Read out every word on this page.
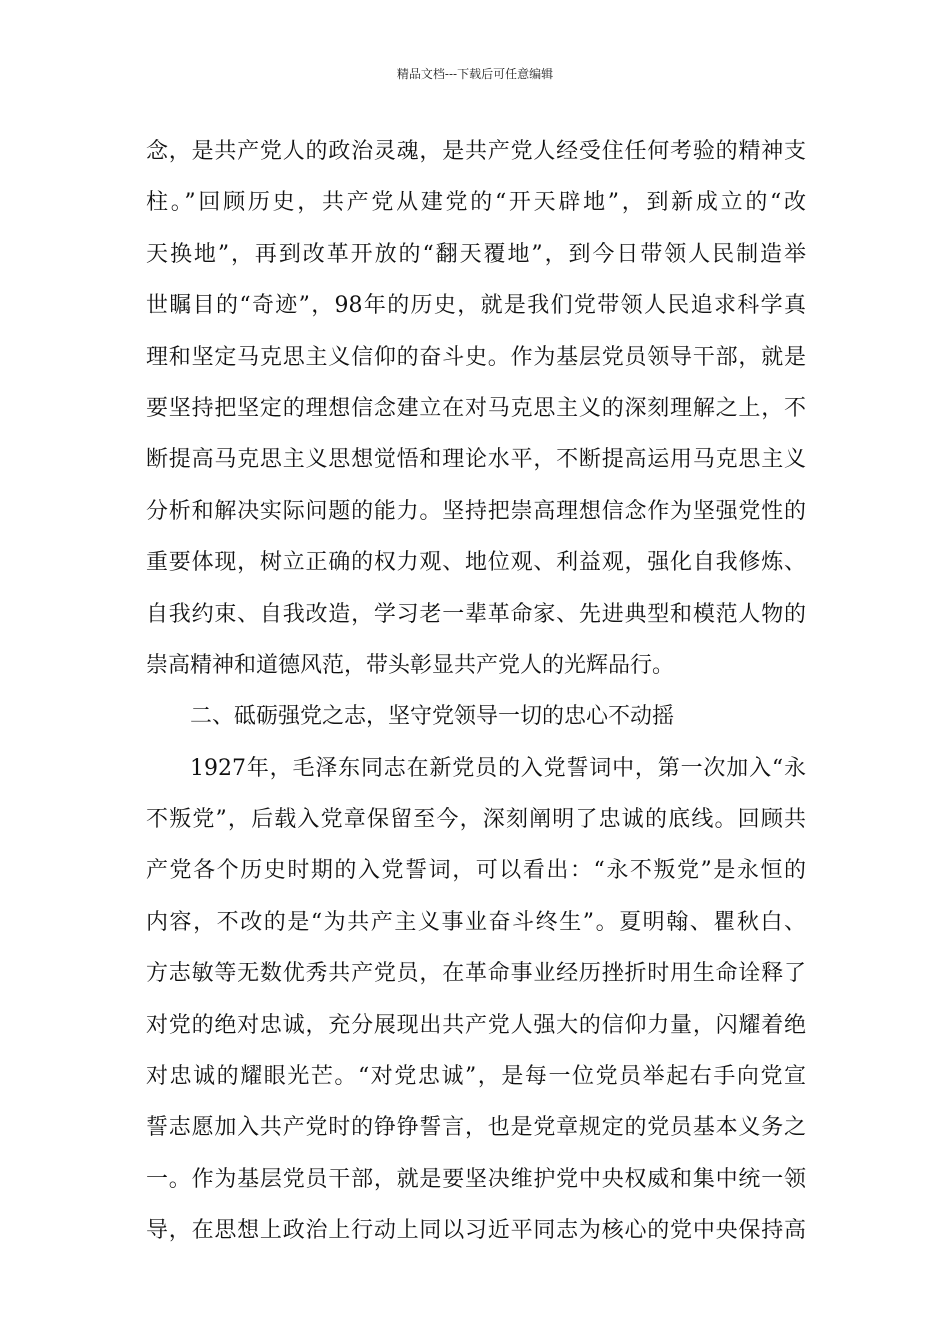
精品文档---下载后可任意编辑
念，是共产党人的政治灵魂，是共产党人经受住任何考验的精神支
柱。”回顾历史，共产党从建党的“开天辟地”，到新成立的“改
天换地”，再到改革开放的“翻天覆地”，到今日带领人民制造举
世瞩目的“奇迹”，98年的历史，就是我们党带领人民追求科学真
理和坚定马克思主义信仰的奋斗史。作为基层党员领导干部，就是
要坚持把坚定的理想信念建立在对马克思主义的深刻理解之上，不
断提高马克思主义思想觉悟和理论水平，不断提高运用马克思主义
分析和解决实际问题的能力。坚持把崇高理想信念作为坚强党性的
重要体现，树立正确的权力观、地位观、利益观，强化自我修炼、
自我约束、自我改造，学习老一辈革命家、先进典型和模范人物的
崇高精神和道德风范，带头彰显共产党人的光辉品行。
二、砥砺强党之志，坚守党领导一切的忠心不动摇
1927年，毛泽东同志在新党员的入党誓词中，第一次加入“永
不叛党”，后载入党章保留至今，深刻阐明了忠诚的底线。回顾共
产党各个历史时期的入党誓词，可以看出：“永不叛党”是永恒的
内容，不改的是“为共产主义事业奋斗终生”。夏明翰、瞿秋白、
方志敏等无数优秀共产党员，在革命事业经历挫折时用生命诠释了
对党的绝对忠诚，充分展现出共产党人强大的信仰力量，闪耀着绝
对忠诚的耀眼光芒。“对党忠诚”，是每一位党员举起右手向党宣
誓志愿加入共产党时的铮铮誓言，也是党章规定的党员基本义务之
一。作为基层党员干部，就是要坚决维护党中央权威和集中统一领
导，在思想上政治上行动上同以习近平同志为核心的党中央保持高
